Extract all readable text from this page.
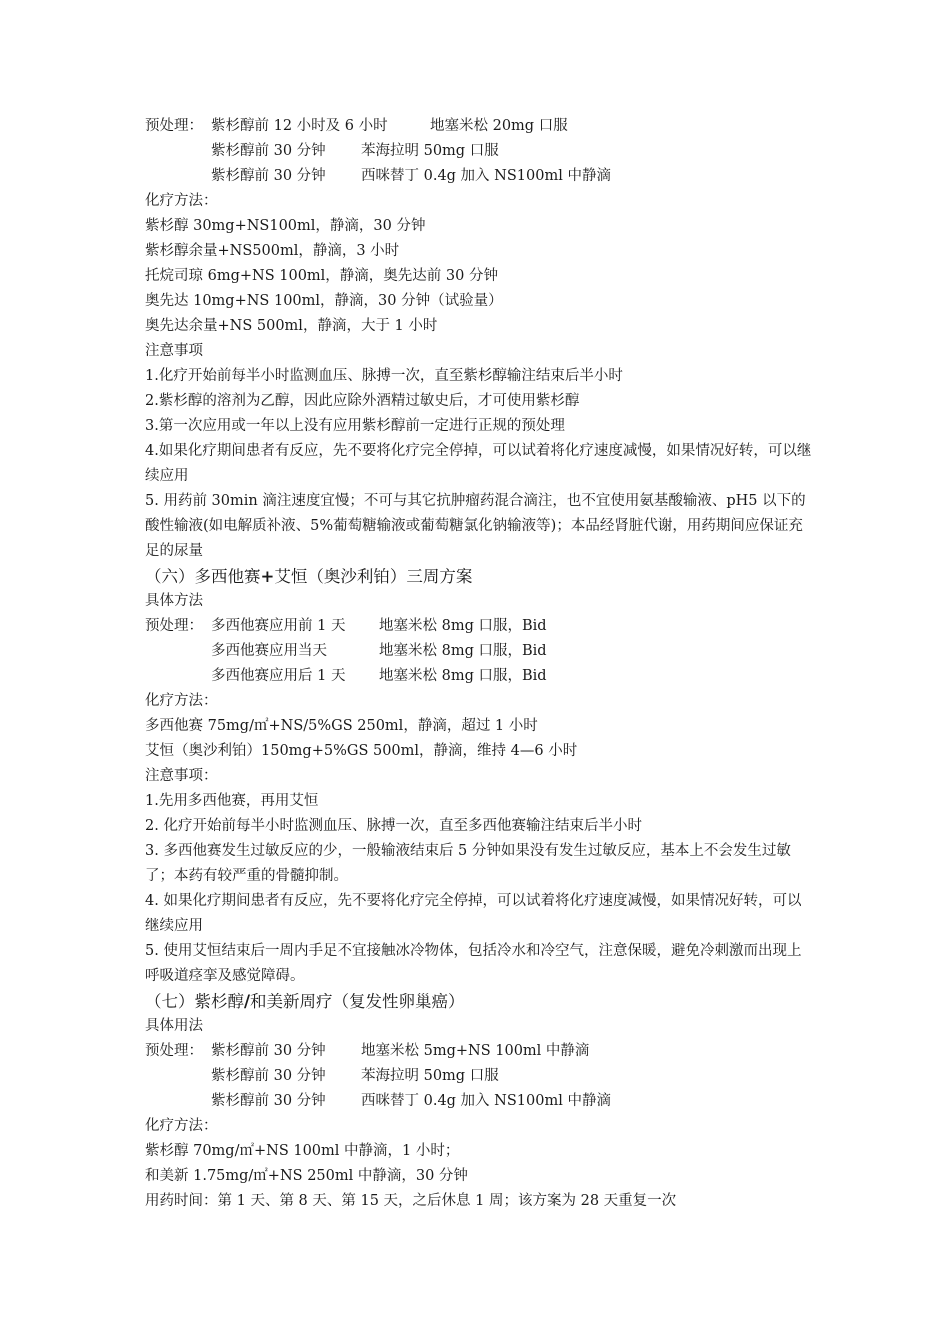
预处理： 紫杉醇前 12 小时及 6 小时	地塞米松 20mg 口服
紫杉醇前 30 分钟 苯海拉明 50mg 口服
紫杉醇前 30 分钟 西咪替丁 0.4g 加入 NS100ml 中静滴
化疗方法：
紫杉醇 30mg+NS100ml，静滴，30 分钟
紫杉醇余量+NS500ml，静滴，3 小时
托烷司琼 6mg+NS 100ml，静滴，奥先达前 30 分钟
奥先达 10mg+NS 100ml，静滴，30 分钟（试验量）
奥先达余量+NS 500ml，静滴，大于 1 小时
注意事项
1.化疗开始前每半小时监测血压、脉搏一次，直至紫杉醇输注结束后半小时
2.紫杉醇的溶剂为乙醇，因此应除外酒精过敏史后，才可使用紫杉醇
3.第一次应用或一年以上没有应用紫杉醇前一定进行正规的预处理
4.如果化疗期间患者有反应，先不要将化疗完全停掉，可以试着将化疗速度减慢，如果情况好转，可以继续应用
5. 用药前 30min 滴注速度宜慢；不可与其它抗肿瘤药混合滴注，也不宜使用氨基酸输液、pH5 以下的酸性输液(如电解质补液、5%葡萄糖输液或葡萄糖氯化钠输液等)；本品经肾脏代谢，用药期间应保证充足的尿量
（六）多西他赛+艾恒（奥沙利铂）三周方案
具体方法
预处理： 多西他赛应用前 1 天 地塞米松 8mg 口服，Bid
多西他赛应用当天	地塞米松 8mg 口服，Bid
多西他赛应用后 1 天 地塞米松 8mg 口服，Bid
化疗方法：
多西他赛 75mg/㎡+NS/5%GS 250ml，静滴，超过 1 小时
艾恒（奥沙利铂）150mg+5%GS 500ml，静滴，维持 4—6 小时
注意事项：
1.先用多西他赛，再用艾恒
2. 化疗开始前每半小时监测血压、脉搏一次，直至多西他赛输注结束后半小时
3. 多西他赛发生过敏反应的少，一般输液结束后 5 分钟如果没有发生过敏反应，基本上不会发生过敏了；本药有较严重的骨髓抑制。
4. 如果化疗期间患者有反应，先不要将化疗完全停掉，可以试着将化疗速度减慢，如果情况好转，可以继续应用
5. 使用艾恒结束后一周内手足不宜接触冰冷物体，包括冷水和冷空气，注意保暖，避免冷刺激而出现上呼吸道痉挛及感觉障碍。
（七）紫杉醇/和美新周疗（复发性卵巢癌）
具体用法
预处理： 紫杉醇前 30 分钟 地塞米松 5mg+NS 100ml 中静滴
紫杉醇前 30 分钟 苯海拉明 50mg 口服
紫杉醇前 30 分钟 西咪替丁 0.4g 加入 NS100ml 中静滴
化疗方法：
紫杉醇 70mg/㎡+NS 100ml 中静滴，1 小时；
和美新 1.75mg/㎡+NS 250ml 中静滴，30 分钟
用药时间：第 1 天、第 8 天、第 15 天，之后休息 1 周；该方案为 28 天重复一次
